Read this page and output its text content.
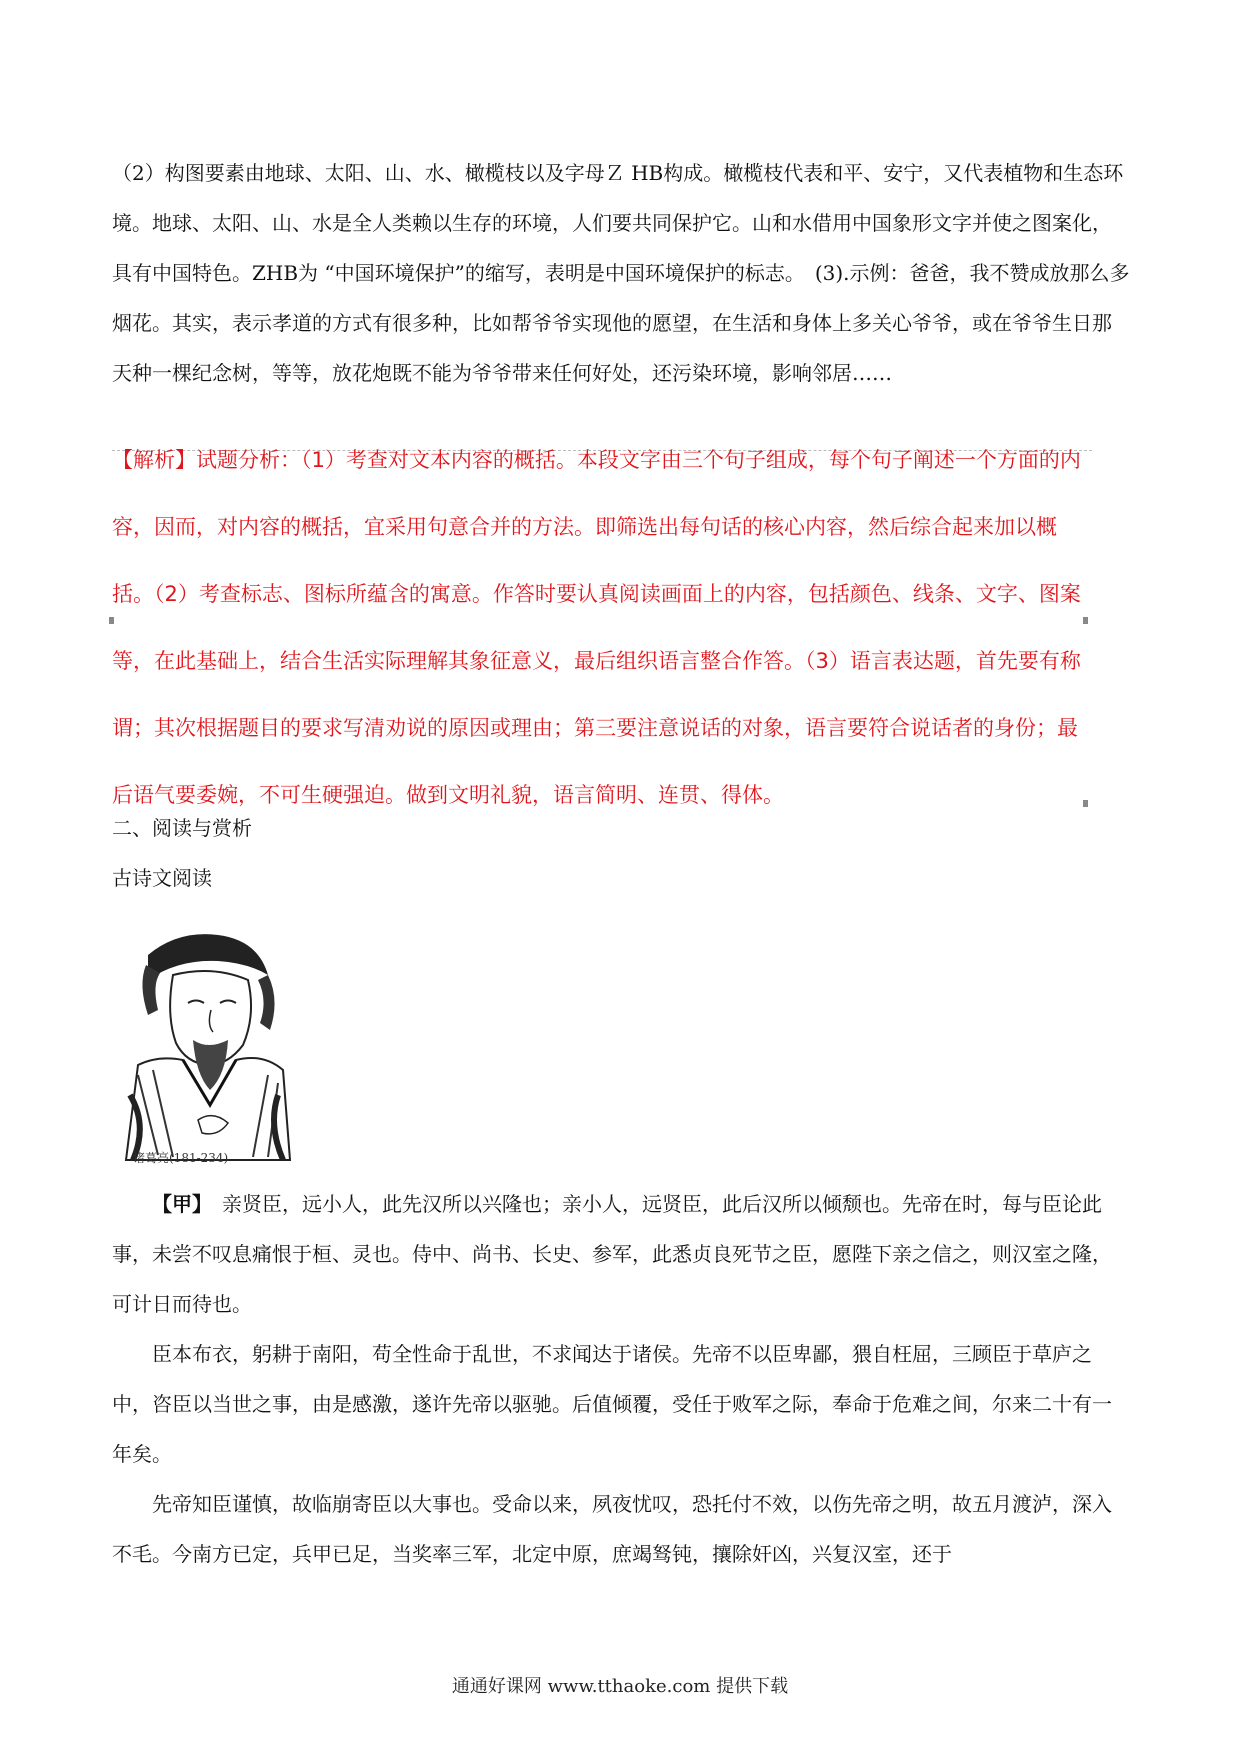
（2）构图要素由地球、太阳、山、水、橄榄枝以及字母Ｚ HB构成。橄榄枝代表和平、安宁，又代表植物和生态环境。地球、太阳、山、水是全人类赖以生存的环境，人们要共同保护它。山和水借用中国象形文字并使之图案化，具有中国特色。ZHB为 “中国环境保护”的缩写，表明是中国环境保护的标志。　(3).示例：爸爸，我不赞成放那么多烟花。其实，表示孝道的方式有很多种，比如帮爷爷实现他的愿望，在生活和身体上多关心爷爷，或在爷爷生日那天种一棵纪念树，等等，放花炮既不能为爷爷带来任何好处，还污染环境，影响邻居……

【解析】试题分析：（1）考查对文本内容的概括。本段文字由三个句子组成，每个句子阐述一个方面的内容，因而，对内容的概括，宜采用句意合并的方法。即筛选出每句话的核心内容，然后综合起来加以概括。（2）考查标志、图标所蕴含的寓意。作答时要认真阅读画面上的内容，包括颜色、线条、文字、图案等，在此基础上，结合生活实际理解其象征意义，最后组织语言整合作答。（3）语言表达题，首先要有称谓；其次根据题目的要求写清劝说的原因或理由；第三要注意说话的对象，语言要符合说话者的身份；最后语气要委婉，不可生硬强迫。做到文明礼貌，语言简明、连贯、得体。

二、阅读与赏析

古诗文阅读

诸葛亮(181-234)

【甲】　 亲贤臣，远小人，此先汉所以兴隆也；亲小人，远贤臣，此后汉所以倾颓也。先帝在时，每与臣论此事，未尝不叹息痛恨于桓、灵也。侍中、尚书、长史、参军，此悉贞良死节之臣，愿陛下亲之信之，则汉室之隆，可计日而待也。

臣本布衣，躬耕于南阳，苟全性命于乱世，不求闻达于诸侯。先帝不以臣卑鄙，猥自枉屈，三顾臣于草庐之中，咨臣以当世之事，由是感激，遂许先帝以驱驰。后值倾覆，受任于败军之际，奉命于危难之间，尔来二十有一年矣。

先帝知臣谨慎，故临崩寄臣以大事也。受命以来，夙夜忧叹，恐托付不效，以伤先帝之明，故五月渡泸，深入不毛。今南方已定，兵甲已足，当奖率三军，北定中原，庶竭驽钝，攘除奸凶，兴复汉室，还于

通通好课网 www.tthaoke.com 提供下载
